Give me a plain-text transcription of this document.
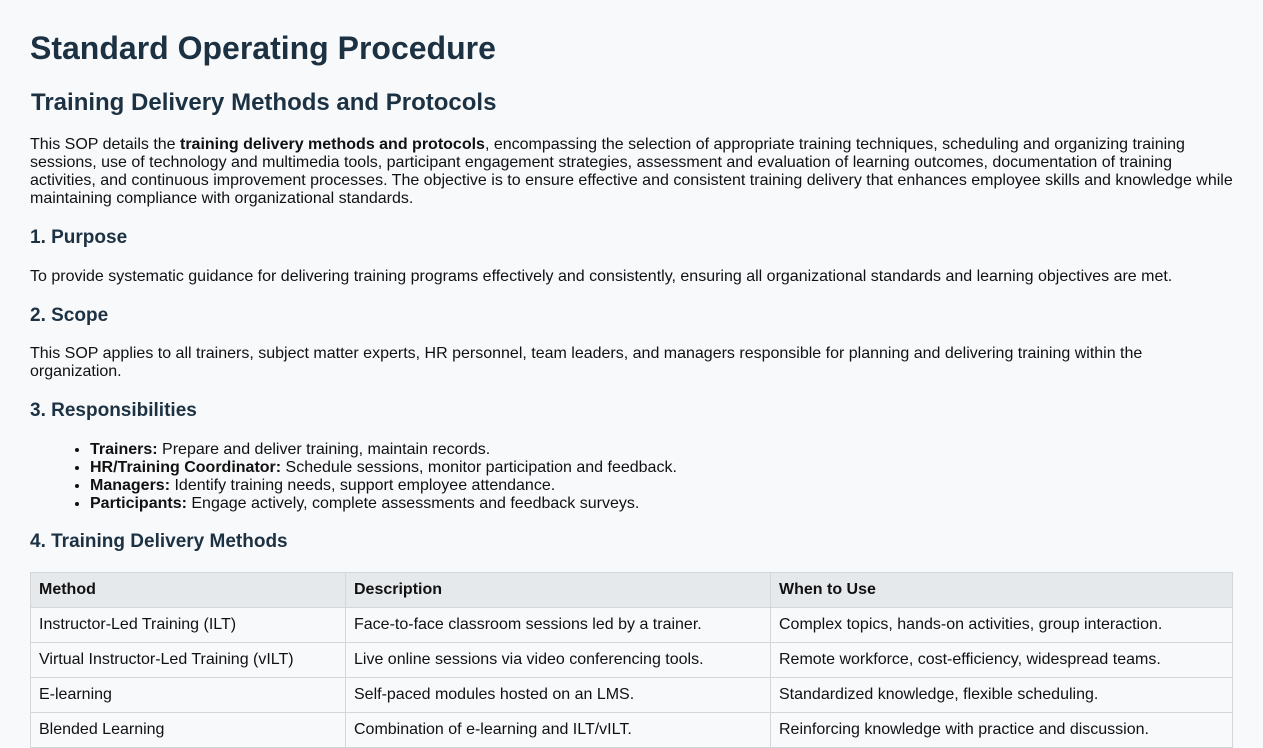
Standard Operating Procedure
Training Delivery Methods and Protocols

This SOP details the training delivery methods and protocols, encompassing the selection of appropriate training techniques, scheduling and organizing training sessions, use of technology and multimedia tools, participant engagement strategies, assessment and evaluation of learning outcomes, documentation of training activities, and continuous improvement processes. The objective is to ensure effective and consistent training delivery that enhances employee skills and knowledge while maintaining compliance with organizational standards.

1. Purpose

To provide systematic guidance for delivering training programs effectively and consistently, ensuring all organizational standards and learning objectives are met.

2. Scope

This SOP applies to all trainers, subject matter experts, HR personnel, team leaders, and managers responsible for planning and delivering training within the organization.

3. Responsibilities
• Trainers: Prepare and deliver training, maintain records.
• HR/Training Coordinator: Schedule sessions, monitor participation and feedback.
• Managers: Identify training needs, support employee attendance.
• Participants: Engage actively, complete assessments and feedback surveys.
4. Training Delivery Methods
Method	Description	When to Use
Instructor-Led Training (ILT)	Face-to-face classroom sessions led by a trainer.	Complex topics, hands-on activities, group interaction.
Virtual Instructor-Led Training (vILT)	Live online sessions via video conferencing tools.	Remote workforce, cost-efficiency, widespread teams.
E-learning	Self-paced modules hosted on an LMS.	Standardized knowledge, flexible scheduling.
Blended Learning	Combination of e-learning and ILT/vILT.	Reinforcing knowledge with practice and discussion.
